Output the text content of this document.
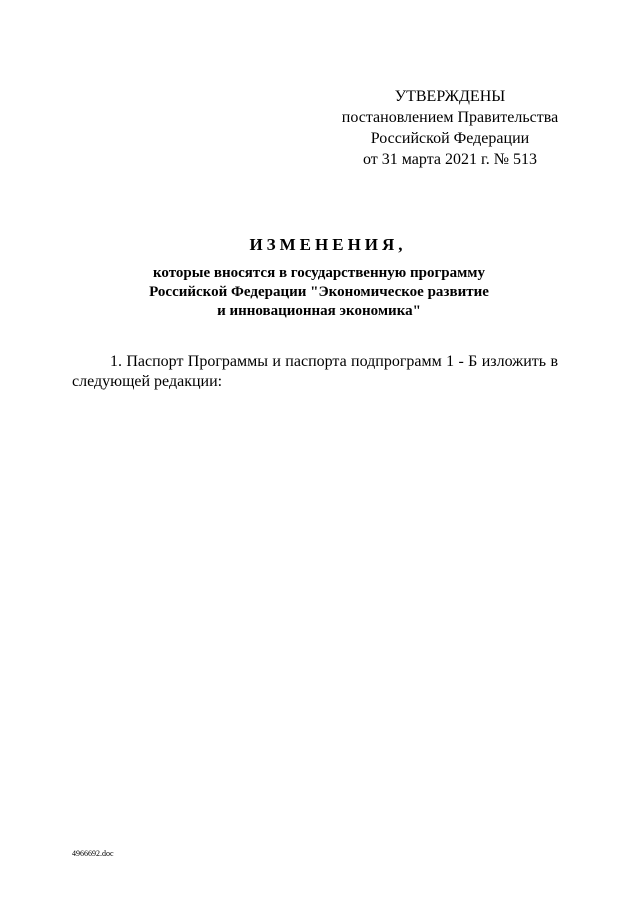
УТВЕРЖДЕНЫ
постановлением Правительства
Российской Федерации
от 31 марта 2021 г. № 513
ИЗМЕНЕНИЯ,
которые вносятся в государственную программу
Российской Федерации "Экономическое развитие
и инновационная экономика"
1. Паспорт Программы и паспорта подпрограмм 1 - Б изложить в
следующей редакции:
4966692.doc
